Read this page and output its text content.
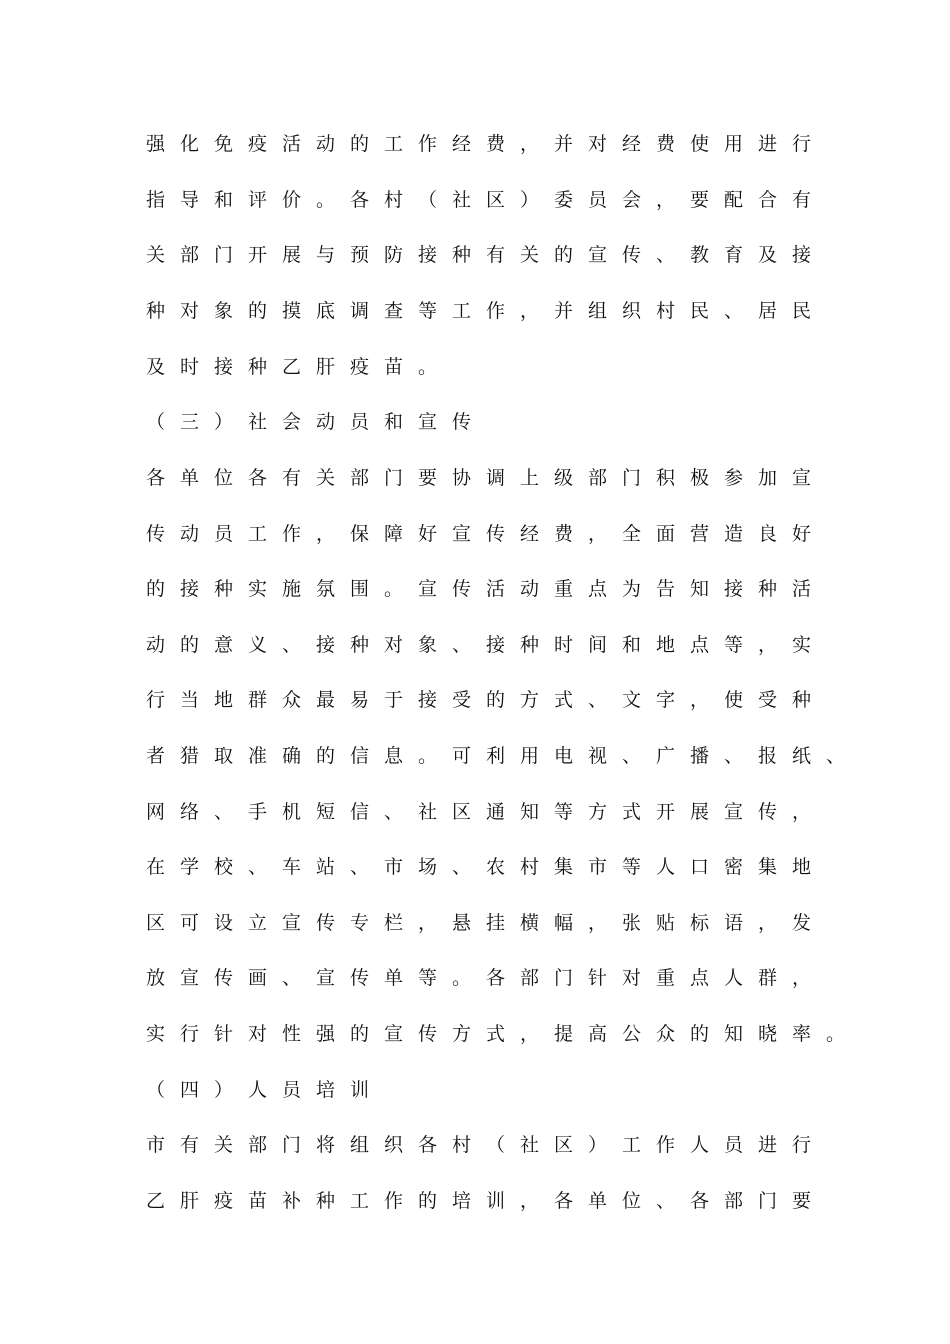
强化免疫活动的工作经费，并对经费使用进行
指导和评价。各村（社区）委员会，要配合有
关部门开展与预防接种有关的宣传、教育及接
种对象的摸底调查等工作，并组织村民、居民
及时接种乙肝疫苗。
（三）社会动员和宣传
各单位各有关部门要协调上级部门积极参加宣
传动员工作，保障好宣传经费，全面营造良好
的接种实施氛围。宣传活动重点为告知接种活
动的意义、接种对象、接种时间和地点等，实
行当地群众最易于接受的方式、文字，使受种
者猎取准确的信息。可利用电视、广播、报纸、
网络、手机短信、社区通知等方式开展宣传，
在学校、车站、市场、农村集市等人口密集地
区可设立宣传专栏，悬挂横幅，张贴标语，发
放宣传画、宣传单等。各部门针对重点人群，
实行针对性强的宣传方式，提高公众的知晓率。
（四）人员培训
市有关部门将组织各村（社区）工作人员进行
乙肝疫苗补种工作的培训，各单位、各部门要
